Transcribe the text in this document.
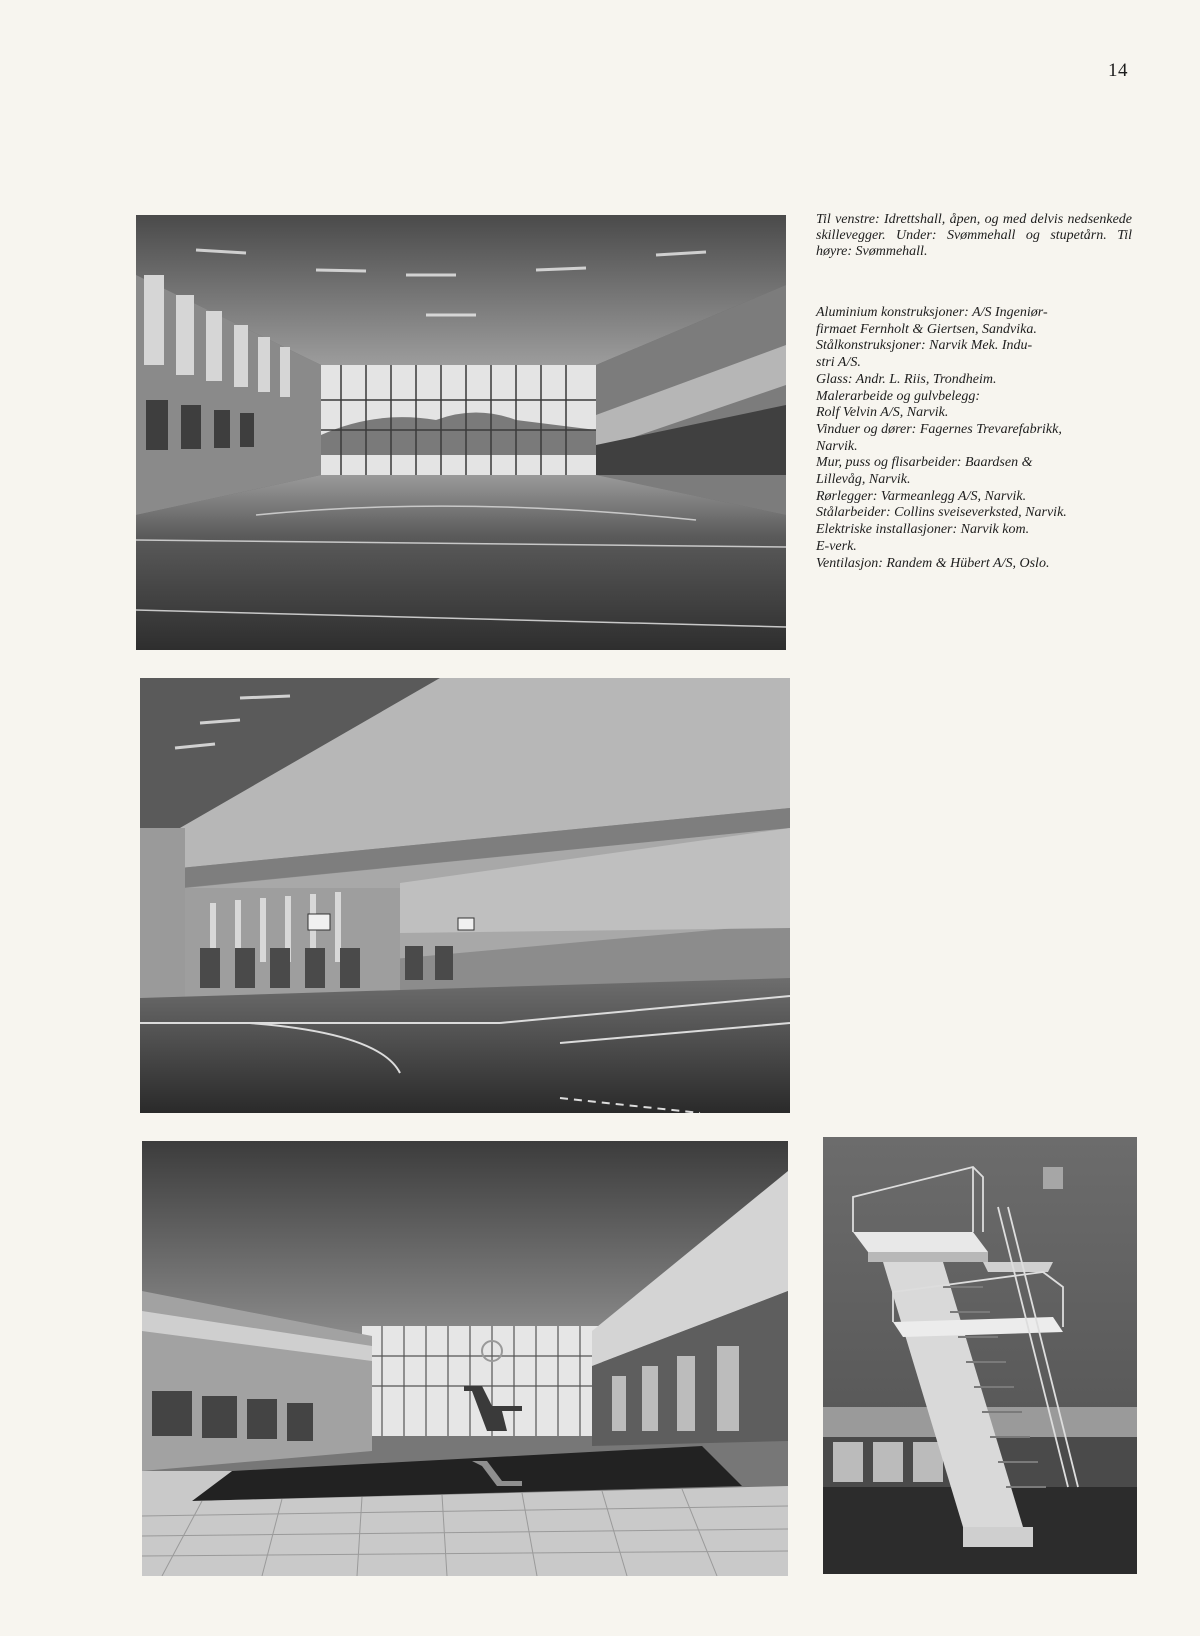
14

Til venstre: Idrettshall, åpen, og med delvis nedsenkede skillevegger. Under: Svømmehall og stupetårn. Til høyre: Svømmehall.

Aluminium konstruksjoner: A/S Ingeniør-
firmaet Fernholt & Giertsen, Sandvika.
Stålkonstruksjoner: Narvik Mek. Indu-
stri A/S.
Glass: Andr. L. Riis, Trondheim.
Malerarbeide og gulvbelegg:
Rolf Velvin A/S, Narvik.
Vinduer og dører: Fagernes Trevarefabrikk,
Narvik.
Mur, puss og flisarbeider: Baardsen &
Lillevåg, Narvik.
Rørlegger: Varmeanlegg A/S, Narvik.
Stålarbeider: Collins sveiseverksted, Narvik.
Elektriske installasjoner: Narvik kom.
E-verk.
Ventilasjon: Randem & Hübert A/S, Oslo.
